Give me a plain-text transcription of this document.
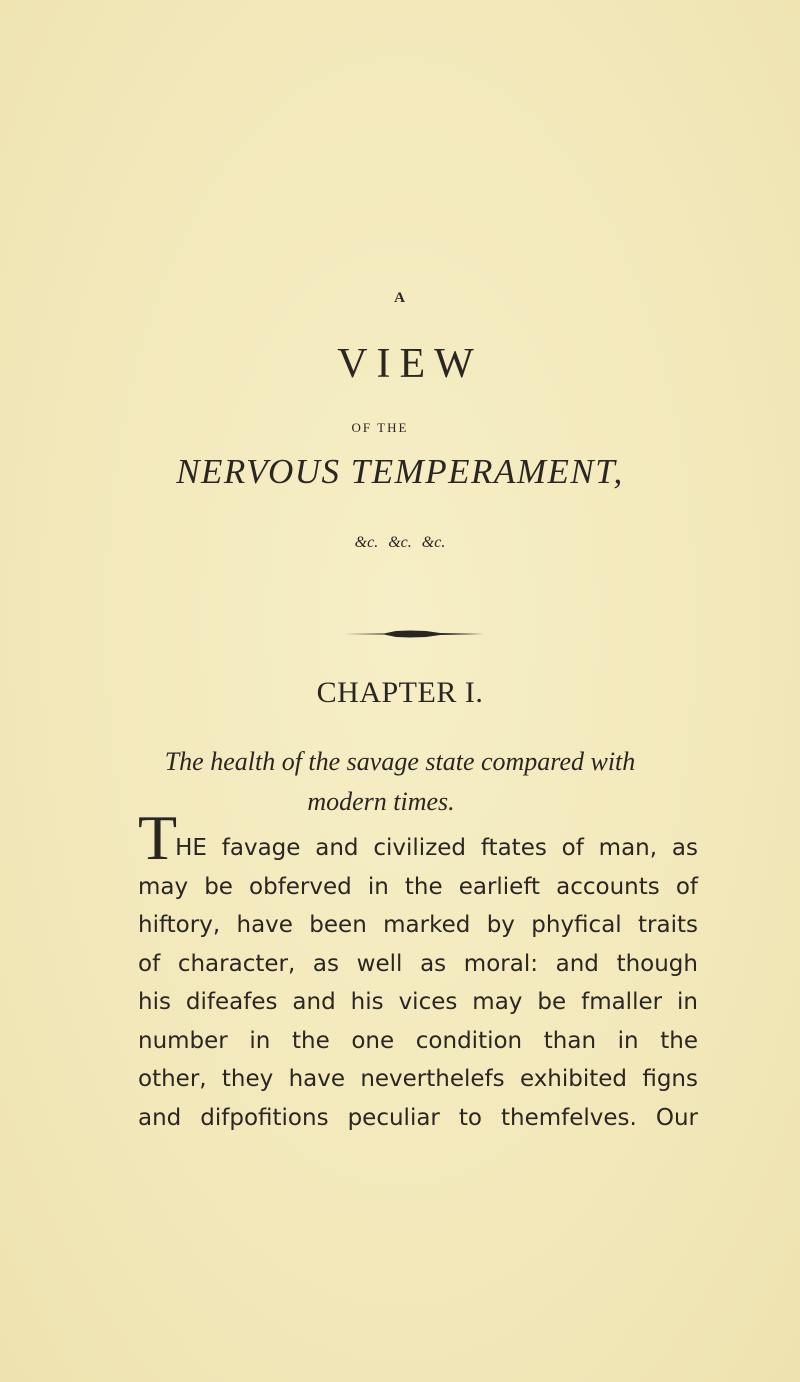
A
VIEW
OF THE
NERVOUS TEMPERAMENT,
&c. &c. &c.
CHAPTER I.
The health of the savage state compared with
modern times.
THE favage and civilized ftates of man, as
may be obferved in the earlieft accounts of
hiftory, have been marked by phyfical traits
of character, as well as moral: and though
his difeafes and his vices may be fmaller in
number in the one condition than in the
other, they have neverthelefs exhibited figns
and difpofitions peculiar to themfelves. Our
